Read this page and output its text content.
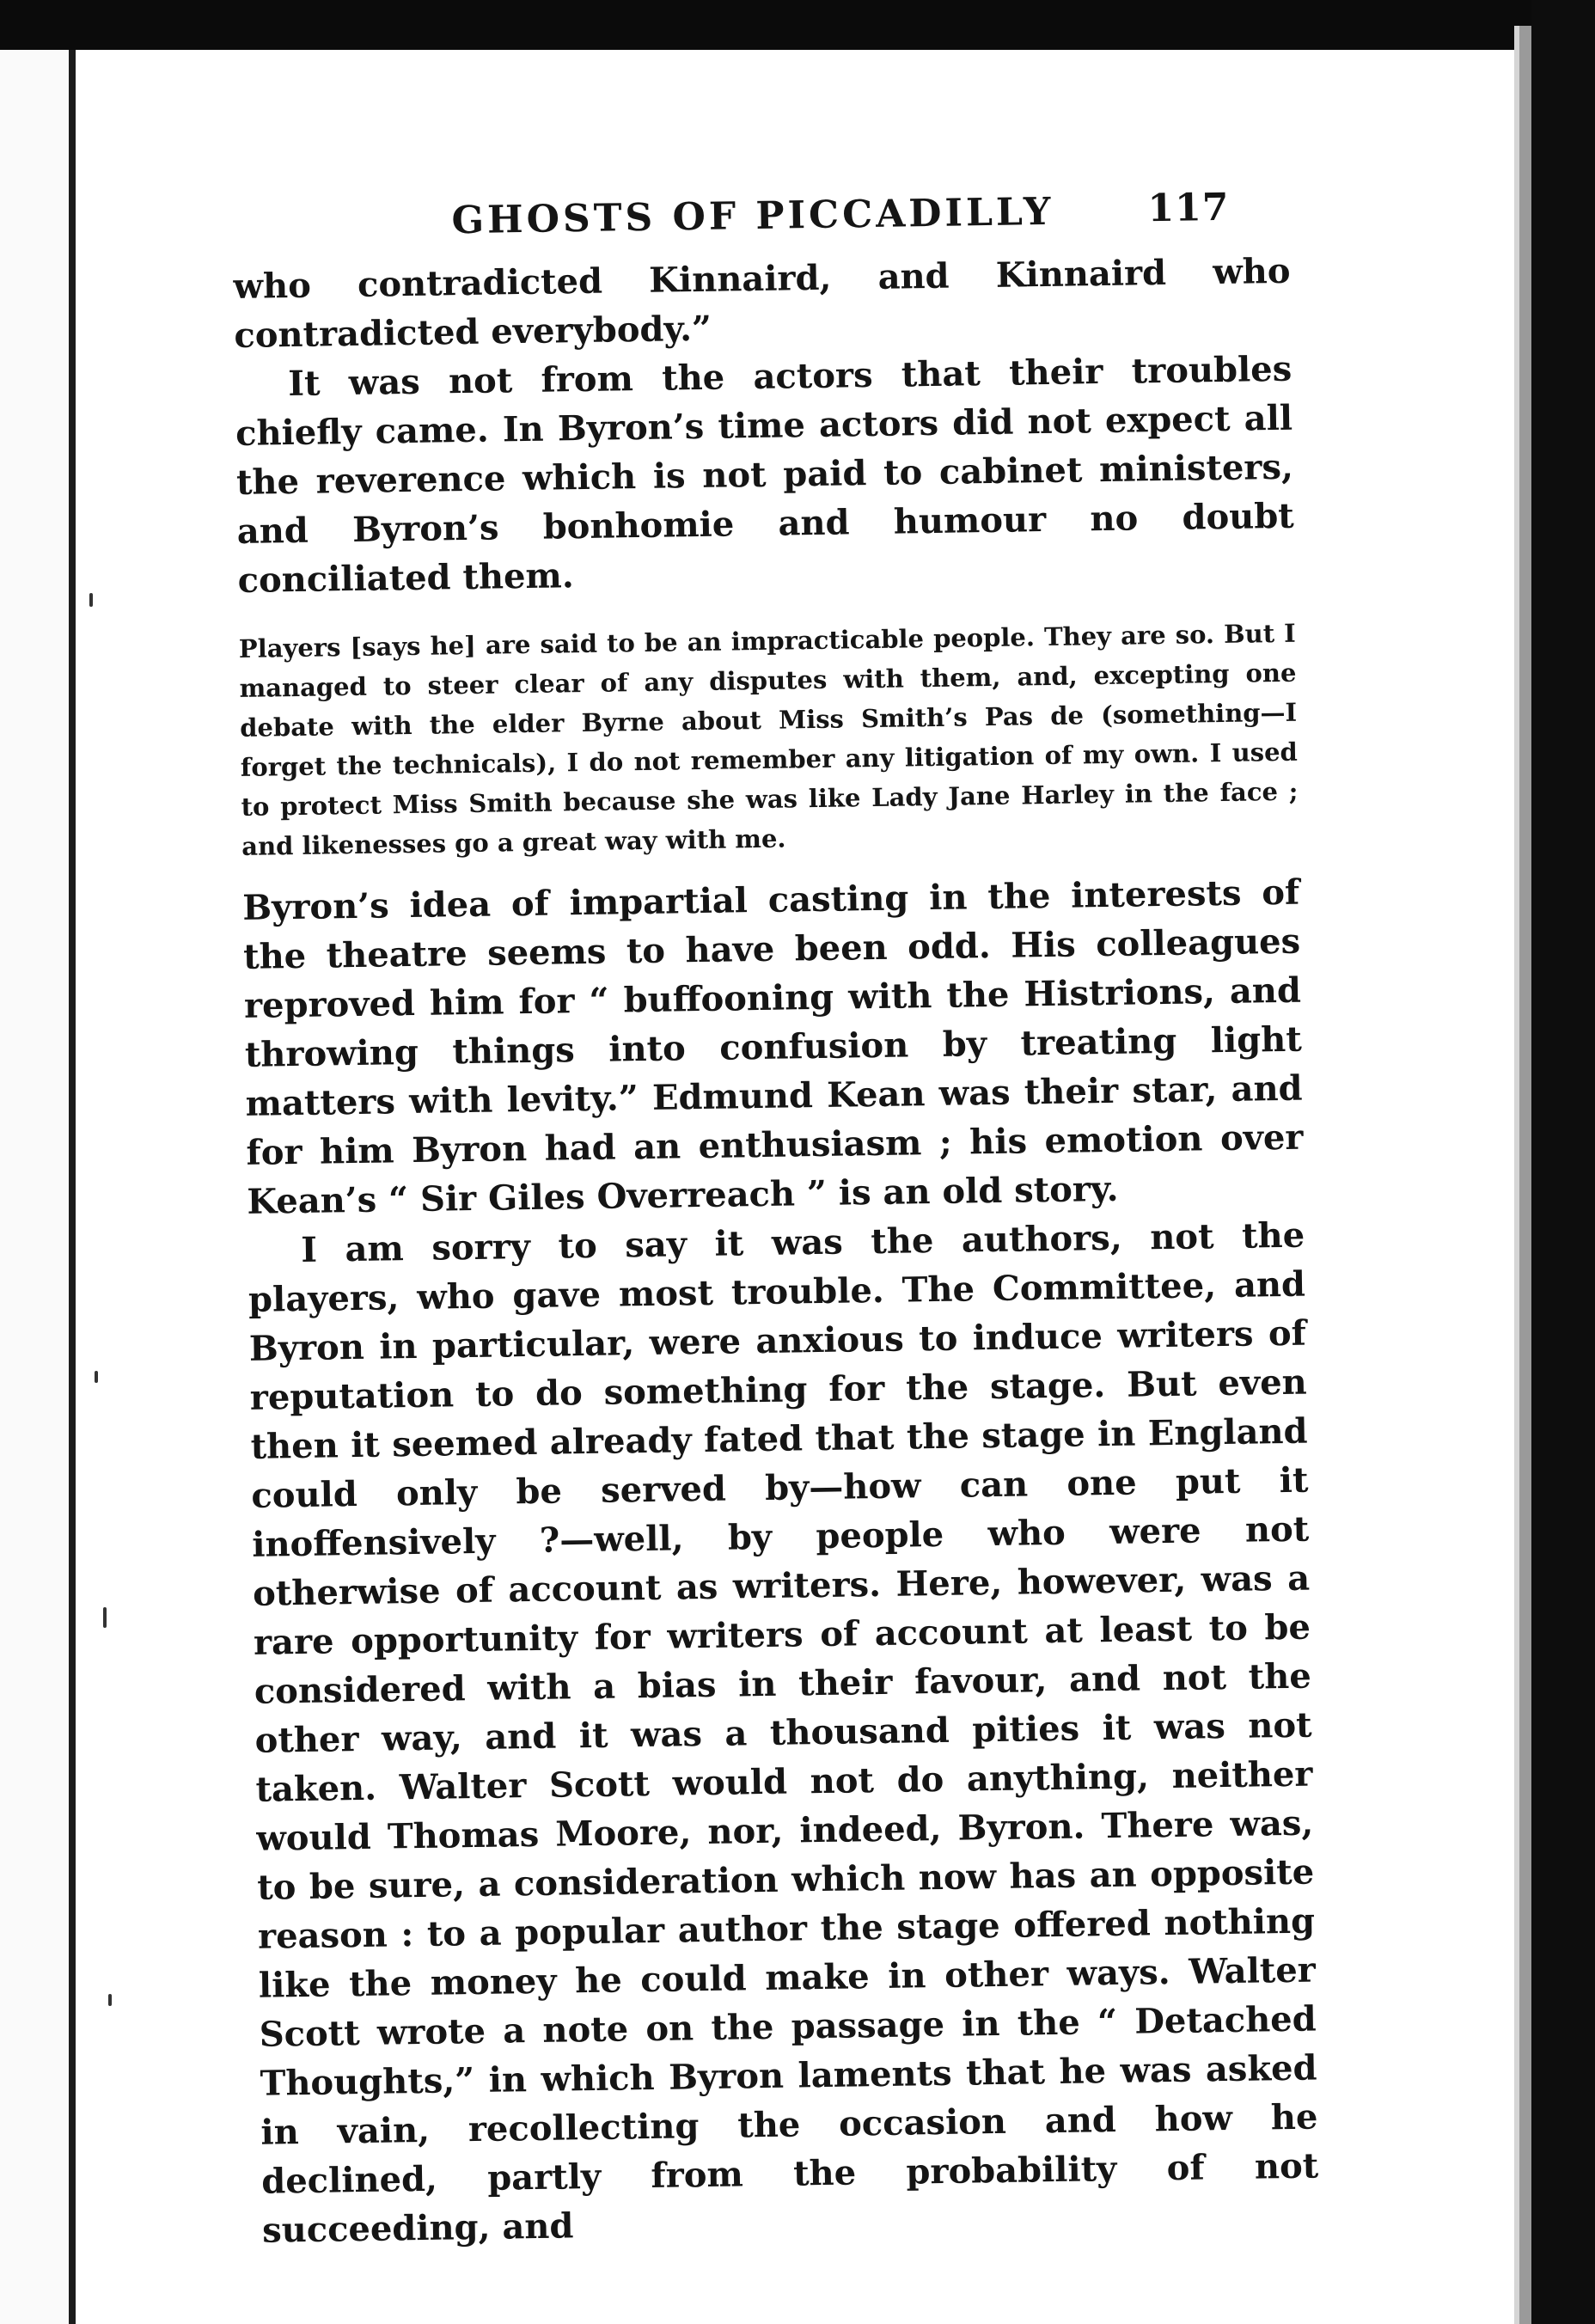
GHOSTS OF PICCADILLY 117

who contradicted Kinnaird, and Kinnaird who contradicted everybody.”

It was not from the actors that their troubles chiefly came. In Byron’s time actors did not expect all the reverence which is not paid to cabinet ministers, and Byron’s bonhomie and humour no doubt conciliated them.

Players [says he] are said to be an impracticable people. They are so. But I managed to steer clear of any disputes with them, and, excepting one debate with the elder Byrne about Miss Smith’s Pas de (something—I forget the technicals), I do not remember any litigation of my own. I used to protect Miss Smith because she was like Lady Jane Harley in the face ; and likenesses go a great way with me.

Byron’s idea of impartial casting in the interests of the theatre seems to have been odd. His colleagues reproved him for “ buffooning with the Histrions, and throwing things into confusion by treating light matters with levity.” Edmund Kean was their star, and for him Byron had an enthusiasm ; his emotion over Kean’s “ Sir Giles Overreach ” is an old story.

I am sorry to say it was the authors, not the players, who gave most trouble. The Committee, and Byron in particular, were anxious to induce writers of reputation to do something for the stage. But even then it seemed already fated that the stage in England could only be served by—how can one put it inoffensively ?—well, by people who were not otherwise of account as writers. Here, however, was a rare opportunity for writers of account at least to be considered with a bias in their favour, and not the other way, and it was a thousand pities it was not taken. Walter Scott would not do anything, neither would Thomas Moore, nor, indeed, Byron. There was, to be sure, a consideration which now has an opposite reason : to a popular author the stage offered nothing like the money he could make in other ways. Walter Scott wrote a note on the passage in the “ Detached Thoughts,” in which Byron laments that he was asked in vain, recollecting the occasion and how he declined, partly from the probability of not succeeding, and
